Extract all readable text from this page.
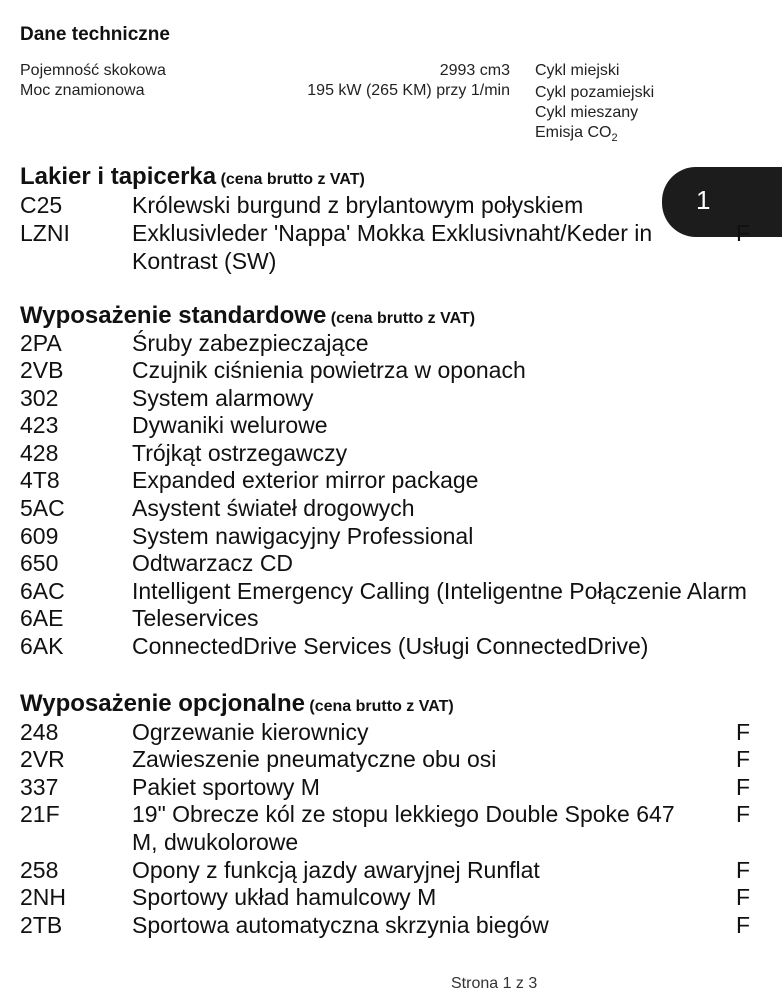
Dane techniczne
Pojemność skokowa	2993 cm3
Moc znamionowa	195 kW (265 KM) przy 1/min
Cykl miejski
Cykl pozamiejski
Cykl mieszany
Emisja $CO_2$
1
Lakier i tapicerka (cena brutto z VAT)
C25	Królewski burgund z brylantowym połyskiem
LZNI	Exklusivleder 'Nappa' Mokka Exklusivnaht/Keder in	F
Kontrast (SW)
Wyposażenie standardowe (cena brutto z VAT)
2PA	Śruby zabezpieczające
2VB	Czujnik ciśnienia powietrza w oponach
302	System alarmowy
423	Dywaniki welurowe
428	Trójkąt ostrzegawczy
4T8	Expanded exterior mirror package
5AC	Asystent świateł drogowych
609	System nawigacyjny Professional
650	Odtwarzacz CD
6AC	Intelligent Emergency Calling (Inteligentne Połączenie Alarm
6AE	Teleservices
6AK	ConnectedDrive Services (Usługi ConnectedDrive)
Wyposażenie opcjonalne (cena brutto z VAT)
248	Ogrzewanie kierownicy	F
2VR	Zawieszenie pneumatyczne obu osi	F
337	Pakiet sportowy M	F
21F	19" Obrecze kól ze stopu lekkiego Double Spoke 647	F
M, dwukolorowe
258	Opony z funkcją jazdy awaryjnej Runflat	F
2NH	Sportowy układ hamulcowy M	F
2TB	Sportowa automatyczna skrzynia biegów	F
Strona 1 z 3
